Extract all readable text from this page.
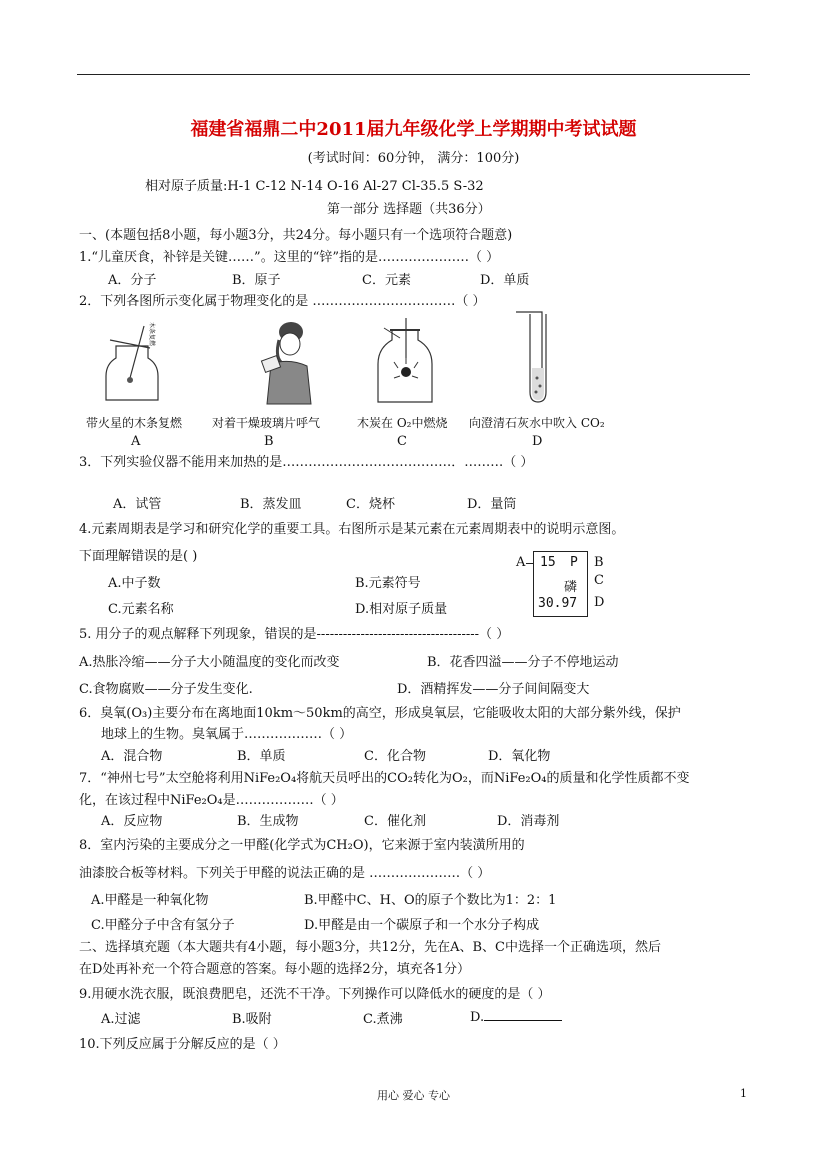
福建省福鼎二中2011届九年级化学上学期期中考试试题
(考试时间：60分钟， 满分：100分)
相对原子质量:H-1 C-12 N-14 O-16 Al-27 Cl-35.5 S-32
第一部分 选择题（共36分）
一、(本题包括8小题，每小题3分，共24分。每小题只有一个选项符合题意)
1.“儿童厌食，补锌是关键……”。这里的“锌”指的是…………………（ ）
A．分子	B．原子	C．元素	D．单质
2．下列各图所示变化属于物理变化的是 ……………………………（ ）
木条复燃
带火星的木条复燃 对着干燥玻璃片呼气	木炭在 O₂中燃烧 向澄清石灰水中吹入 CO₂
A	B	C	D
3．下列实验仪器不能用来加热的是…………………………………．………（ ）
A．试管	B．蒸发皿	C．烧杯	D．量筒
4.元素周期表是学习和研究化学的重要工具。右图所示是某元素在元素周期表中的说明示意图。
下面理解错误的是( )
A.中子数	B.元素符号
C.元素名称	D.相对原子质量
15 P
磷
30.97
A	B
C
D
5. 用分子的观点解释下列现象，错误的是-------------------------------------（ ）
A.热胀冷缩——分子大小随温度的变化而改变	B．花香四溢——分子不停地运动
C.食物腐败——分子发生变化.	D．酒精挥发——分子间间隔变大
6．臭氧(O₃)主要分布在离地面10km～50km的高空，形成臭氧层，它能吸收太阳的大部分紫外线，保护
地球上的生物。臭氧属于………………（ ）
A．混合物	B．单质	C．化合物	D．氧化物
7．“神州七号”太空舱将利用NiFe₂O₄将航天员呼出的CO₂转化为O₂，而NiFe₂O₄的质量和化学性质都不变
化，在该过程中NiFe₂O₄是………………（ ）
A．反应物	B．生成物	C．催化剂	D．消毒剂
8．室内污染的主要成分之一甲醛(化学式为CH₂O)，它来源于室内装潢所用的
油漆胶合板等材料。下列关于甲醛的说法正确的是 …………………（ ）
A.甲醛是一种氧化物	B.甲醛中C、H、O的原子个数比为1：2：1
C.甲醛分子中含有氢分子	D.甲醛是由一个碳原子和一个水分子构成
二、选择填充题（本大题共有4小题，每小题3分，共12分，先在A、B、C中选择一个正确选项，然后
在D处再补充一个符合题意的答案。每小题的选择2分，填充各1分）
9.用硬水洗衣服，既浪费肥皂，还洗不干净。下列操作可以降低水的硬度的是（ ）
A.过滤	B.吸附	C.煮沸	D.
10.下列反应属于分解反应的是（ ）
用心 爱心 专心	1
